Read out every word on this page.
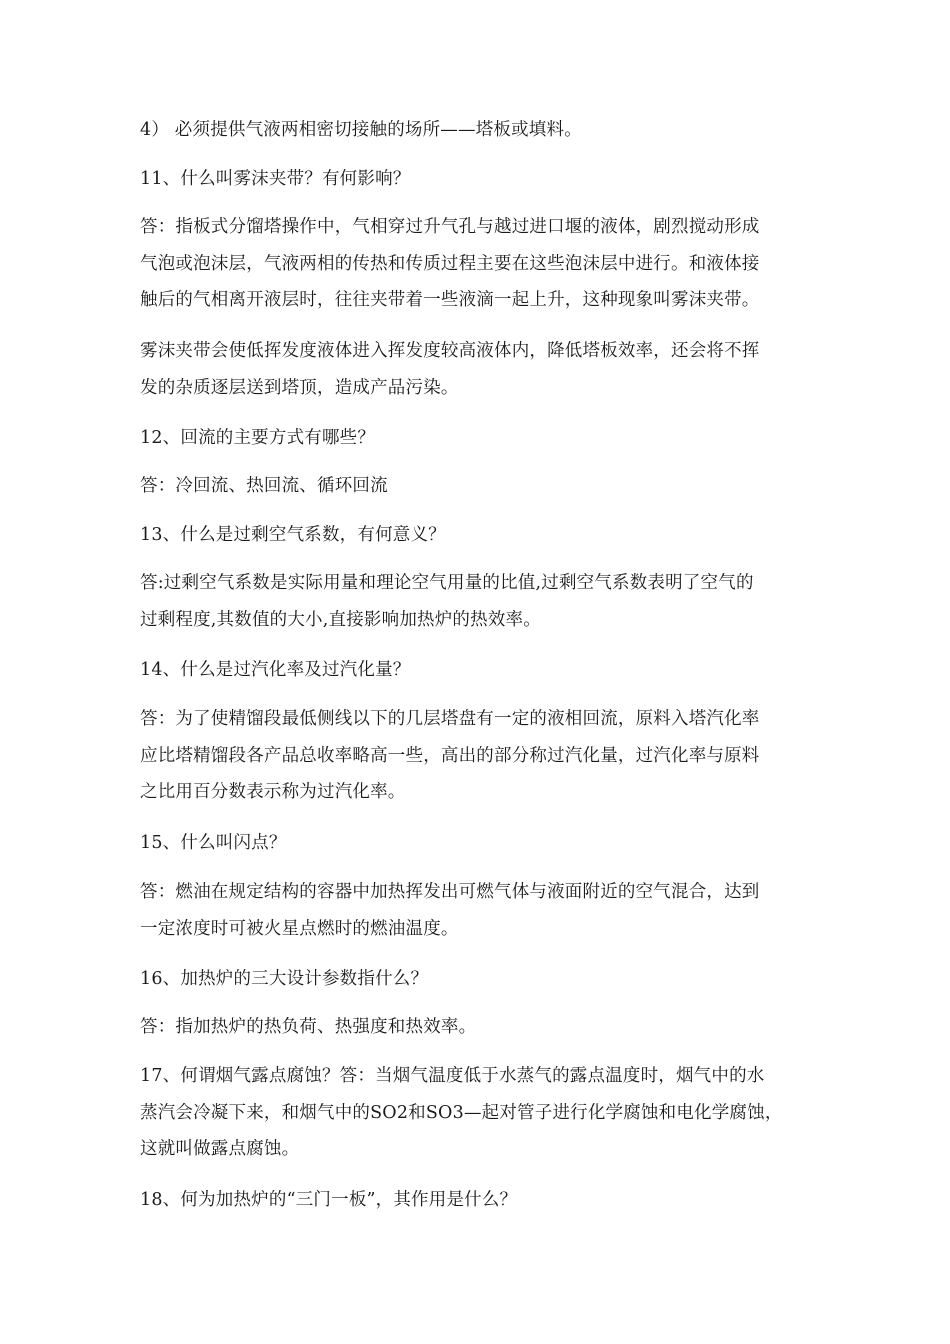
4） 必须提供气液两相密切接触的场所——塔板或填料。

11、什么叫雾沫夹带？有何影响？

答：指板式分馏塔操作中，气相穿过升气孔与越过进口堰的液体，剧烈搅动形成
气泡或泡沫层，气液两相的传热和传质过程主要在这些泡沫层中进行。和液体接
触后的气相离开液层时，往往夹带着一些液滴一起上升，这种现象叫雾沫夹带。

雾沫夹带会使低挥发度液体进入挥发度较高液体内，降低塔板效率，还会将不挥
发的杂质逐层送到塔顶，造成产品污染。

12、回流的主要方式有哪些？

答：冷回流、热回流、循环回流

13、什么是过剩空气系数，有何意义？

答:过剩空气系数是实际用量和理论空气用量的比值,过剩空气系数表明了空气的
过剩程度,其数值的大小,直接影响加热炉的热效率。

14、什么是过汽化率及过汽化量？

答：为了使精馏段最低侧线以下的几层塔盘有一定的液相回流，原料入塔汽化率
应比塔精馏段各产品总收率略高一些，高出的部分称过汽化量，过汽化率与原料
之比用百分数表示称为过汽化率。

15、什么叫闪点？

答：燃油在规定结构的容器中加热挥发出可燃气体与液面附近的空气混合，达到
一定浓度时可被火星点燃时的燃油温度。

16、加热炉的三大设计参数指什么？

答：指加热炉的热负荷、热强度和热效率。

17、何谓烟气露点腐蚀？答：当烟气温度低于水蒸气的露点温度时，烟气中的水
蒸汽会冷凝下来，和烟气中的SO2和SO3—起对管子进行化学腐蚀和电化学腐蚀，
这就叫做露点腐蚀。

18、何为加热炉的“三门一板”，其作用是什么？
